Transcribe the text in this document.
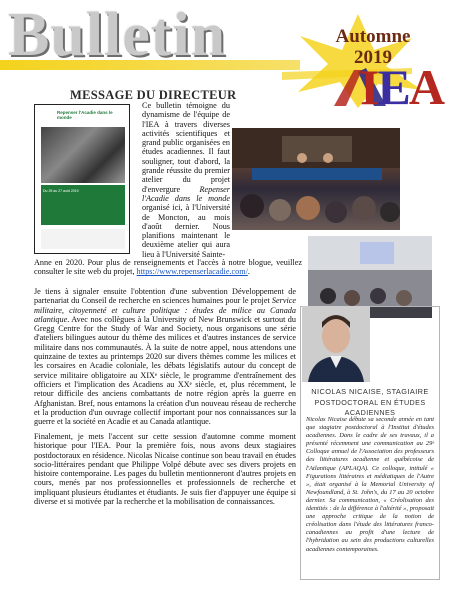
Bulletin	Automne
2019
IEA
MESSAGE DU DIRECTEUR
Repenser l'Acadie dans le monde
Du 25 au 27 août 2019
Ce bulletin témoigne du dynamisme de l'équipe de l'IEA à travers diverses activités scientifiques et grand public organisées en études acadiennes. Il faut souligner, tout d'abord, la grande réussite du premier atelier du projet d'envergure Repenser l'Acadie dans le monde organisé ici, à l'Université de Moncton, au mois d'août dernier. Nous planifions maintenant le deuxième atelier qui aura lieu à l'Université Sainte-
Anne en 2020. Pour plus de renseignements et l'accès à notre blogue, veuillez consulter le site web du projet, https://www.repenserlacadie.com/.
Je tiens à signaler ensuite l'obtention d'une subvention Développement de partenariat du Conseil de recherche en sciences humaines pour le projet Service militaire, citoyenneté et culture politique : études de milice au Canada atlantique. Avec nos collègues à la University of New Brunswick et surtout du Gregg Centre for the Study of War and Society, nous organisons une série d'ateliers bilingues autour du thème des milices et d'autres instances de service militaire dans nos communautés. À la suite de notre appel, nous attendons une quinzaine de textes au printemps 2020 sur divers thèmes comme les milices et les corsaires en Acadie coloniale, les débats législatifs autour du concept de service militaire obligatoire au XIXᵉ siècle, le programme d'entraînement des officiers et l'implication des Acadiens au XXᵉ siècle, et, plus récemment, le retour difficile des anciens combattants de notre région après la guerre en Afghanistan. Bref, nous entamons la création d'un nouveau réseau de recherche et la production d'un ouvrage collectif important pour nos connaissances sur la guerre et la société en Acadie et au Canada atlantique.
Finalement, je mets l'accent sur cette session d'automne comme moment historique pour l'IEA. Pour la première fois, nous avons deux stagiaires postdoctoraux en résidence. Nicolas Nicaise continue son beau travail en études socio-littéraires pendant que Philippe Volpé débute avec ses divers projets en histoire contemporaine. Les pages du bulletin mentionneront d'autres projets en cours, menés par nos professionnelles et professionnels de recherche et impliquant plusieurs étudiantes et étudiants. Je suis fier d'appuyer une équipe si diverse et si motivée par la recherche et la mobilisation de connaissances.
NICOLAS NICAISE, STAGIAIRE
POSTDOCTORAL EN ÉTUDES ACADIENNES
Nicolas Nicaise débute sa seconde année en tant que stagiaire postdoctoral à l'Institut d'études acadiennes. Dans le cadre de ses travaux, il a présenté récemment une communication au 29ᵉ Colloque annuel de l'Association des professeurs des littératures acadienne et québécoise de l'Atlantique (APLAQA). Ce colloque, intitulé « Figurations littéraires et médiatiques de l'Autre », était organisé à la Memorial University of Newfoundland, à St. John's, du 17 au 20 octobre dernier. Sa communication, « Créolisation des identités : de la différence à l'altérité », proposait une approche critique de la notion de créolisation dans l'étude des littératures franco-canadiennes au profit d'une lecture de l'hybridation au sein des productions culturelles acadiennes contemporaines.
